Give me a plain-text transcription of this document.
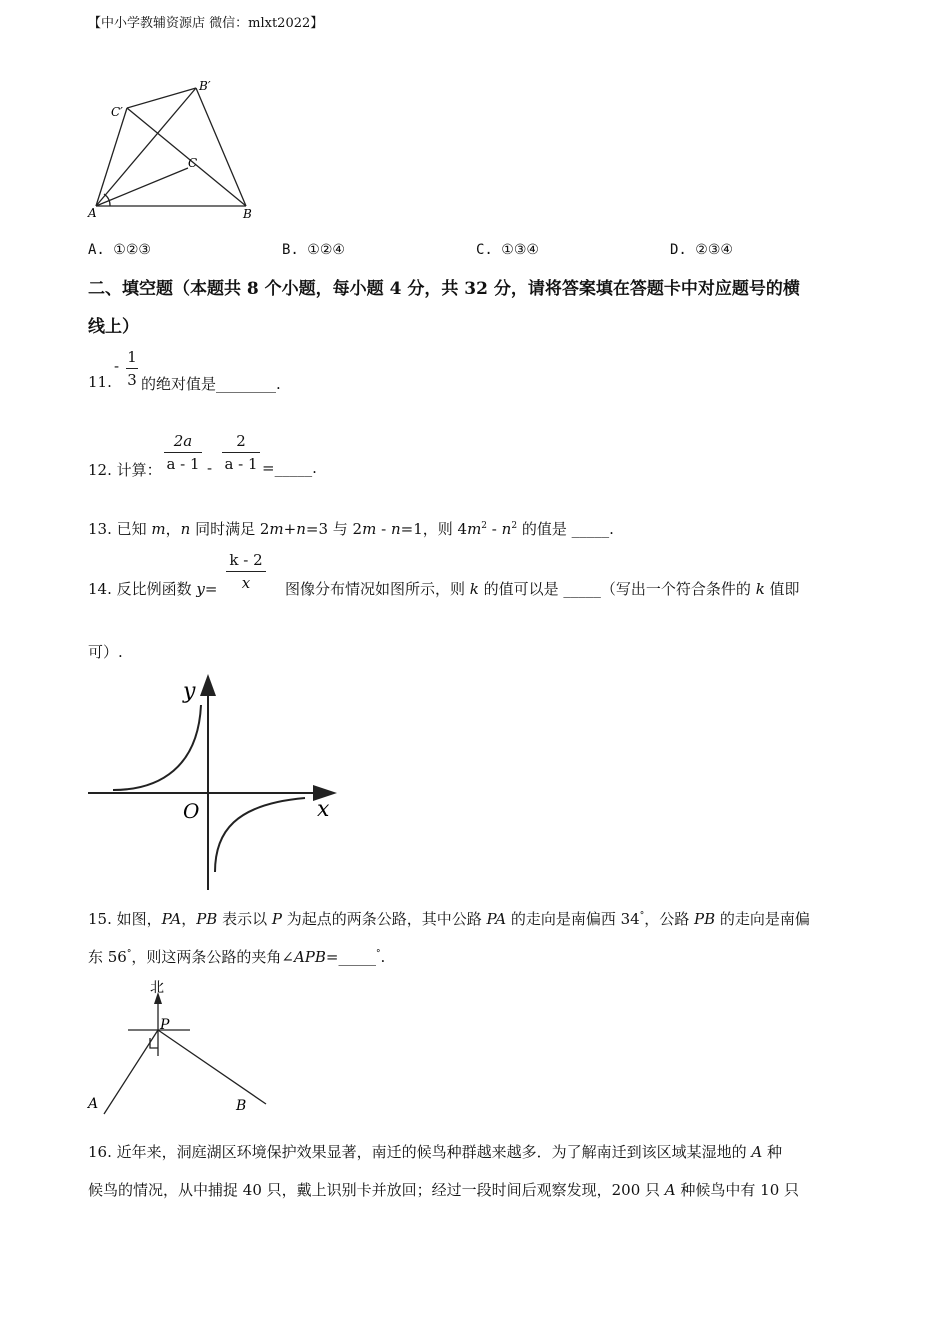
【中小学教辅资源店 微信：mlxt2022】
A	B
C
C′
B′
A. ①②③	B. ①②④	C. ①③④	D. ②③④
二、填空题（本题共 8 个小题，每小题 4 分，共 32 分，请将答案填在答题卡中对应题号的横
线上）
11.
- 1
3 的绝对值是________.
12. 计算：
2a
a - 1 -
2
a - 1 =_____.
13. 已知 m，n 同时满足 2m+n=3 与 2m - n=1，则 $4m^2 - n^2$ 的值是 _____.
14. 反比例函数 y=
k - 2
x	图像分布情况如图所示，则 k 的值可以是 _____（写出一个符合条件的 k 值即
可）.
y
x
O
15. 如图，PA，PB 表示以 P 为起点的两条公路，其中公路 PA 的走向是南偏西 34°，公路 PB 的走向是南偏
东 56°，则这两条公路的夹角∠APB=_____°.
北
P
A	B
16. 近年来，洞庭湖区环境保护效果显著，南迁的候鸟种群越来越多．为了解南迁到该区域某湿地的 A 种
候鸟的情况，从中捕捉 40 只，戴上识别卡并放回；经过一段时间后观察发现，200 只 A 种候鸟中有 10 只
